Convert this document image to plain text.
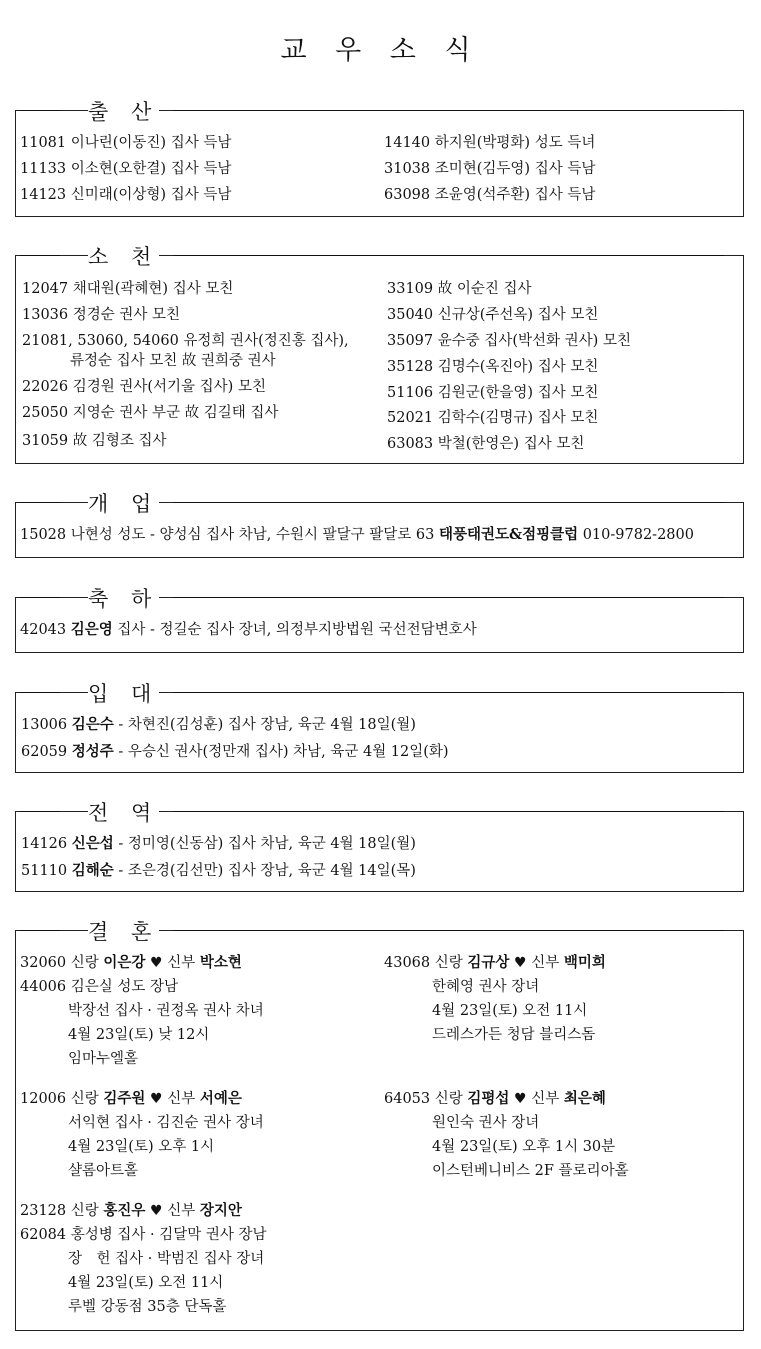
교 우 소 식
11081 이나린(이동진) 집사 득남
11133 이소현(오한결) 집사 득남
14123 신미래(이상형) 집사 득남
14140 하지원(박평화) 성도 득녀
31038 조미현(김두영) 집사 득남
63098 조윤영(석주환) 집사 득남
출 산
12047 채대원(곽혜현) 집사 모친
13036 정경순 권사 모친
21081, 53060, 54060 유정희 권사(정진홍 집사),
류정순 집사 모친 故 권희중 권사
22026 김경원 권사(서기울 집사) 모친
25050 지영순 권사 부군 故 김길태 집사
31059 故 김형조 집사
33109 故 이순진 집사
35040 신규상(주선옥) 집사 모친
35097 윤수중 집사(박선화 권사) 모친
35128 김명수(옥진아) 집사 모친
51106 김원군(한을영) 집사 모친
52021 김학수(김명규) 집사 모친
63083 박철(한영은) 집사 모친
소 천
15028 나현성 성도 - 양성심 집사 차남, 수원시 팔달구 팔달로 63 태풍태권도&점핑클럽 010-9782-2800
개 업
42043 김은영 집사 - 정길순 집사 장녀, 의정부지방법원 국선전담변호사
축 하
13006 김은수 - 차현진(김성훈) 집사 장남, 육군 4월 18일(월)
62059 정성주 - 우승신 권사(정만재 집사) 차남, 육군 4월 12일(화)
입 대
14126 신은섭 - 정미영(신동삼) 집사 차남, 육군 4월 18일(월)
51110 김해순 - 조은경(김선만) 집사 장남, 육군 4월 14일(목)
전 역
32060 신랑 이은강 ♥ 신부 박소현
44006 김은실 성도 장남
박장선 집사 · 권정옥 권사 차녀
4월 23일(토) 낮 12시
임마누엘홀
43068 신랑 김규상 ♥ 신부 백미희
한혜영 권사 장녀
4월 23일(토) 오전 11시
드레스가든 청담 블리스돔
12006 신랑 김주원 ♥ 신부 서예은
서익현 집사 · 김진순 권사 장녀
4월 23일(토) 오후 1시
샬롬아트홀
64053 신랑 김평섭 ♥ 신부 최은혜
원인숙 권사 장녀
4월 23일(토) 오후 1시 30분
이스턴베니비스 2F 플로리아홀
23128 신랑 홍진우 ♥ 신부 장지안
62084 홍성병 집사 · 김달막 권사 장남
장　헌 집사 · 박범진 집사 장녀
4월 23일(토) 오전 11시
루벨 강동점 35층 단독홀
결 혼
